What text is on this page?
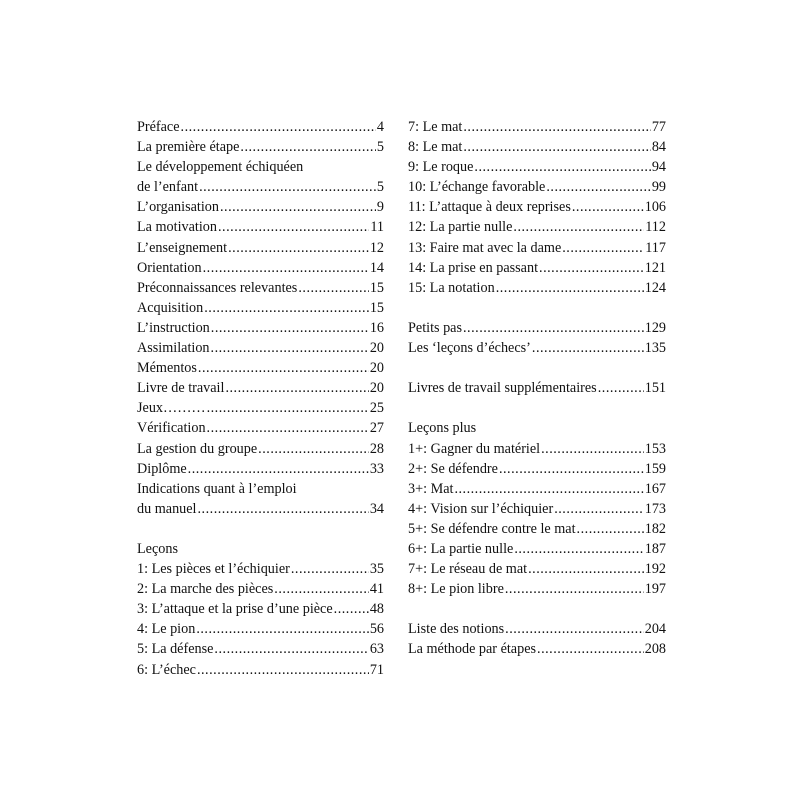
Préface .....	4
La première étape .....	5
Le développement échiquéen
de l’enfant .....	5
L’organisation .....	9
La motivation .....	11
L’enseignement .....	12
Orientation .....	14
Préconnaissances relevantes .....	15
Acquisition .....	15
L’instruction .....	16
Assimilation .....	20
Mémentos .....	20
Livre de travail .....	20
Jeux……… .....	25
Vérification .....	27
La gestion du groupe .....	28
Diplôme .....	33
Indications quant à l’emploi
du manuel .....	34
Leçons
1: Les pièces et l’échiquier .....	35
2: La marche des pièces .....	41
3: L’attaque et la prise d’une pièce .....	48
4: Le pion .....	56
5: La défense .....	63
6: L’échec .....	71
7: Le mat .....	77
8: Le mat .....	84
9: Le roque .....	94
10: L’échange favorable .....	99
11: L’attaque à deux reprises .....	106
12: La partie nulle .....	112
13: Faire mat avec la dame .....	117
14: La prise en passant .....	121
15: La notation .....	124
Petits pas .....	129
Les ‘leçons d’échecs’ .....	135
Livres de travail supplémentaires .....	151
Leçons plus
1+: Gagner du matériel .....	153
2+: Se défendre .....	159
3+: Mat .....	167
4+: Vision sur l’échiquier .....	173
5+: Se défendre contre le mat .....	182
6+: La partie nulle .....	187
7+: Le réseau de mat .....	192
8+: Le pion libre .....	197
Liste des notions .....	204
La méthode par étapes .....	208
